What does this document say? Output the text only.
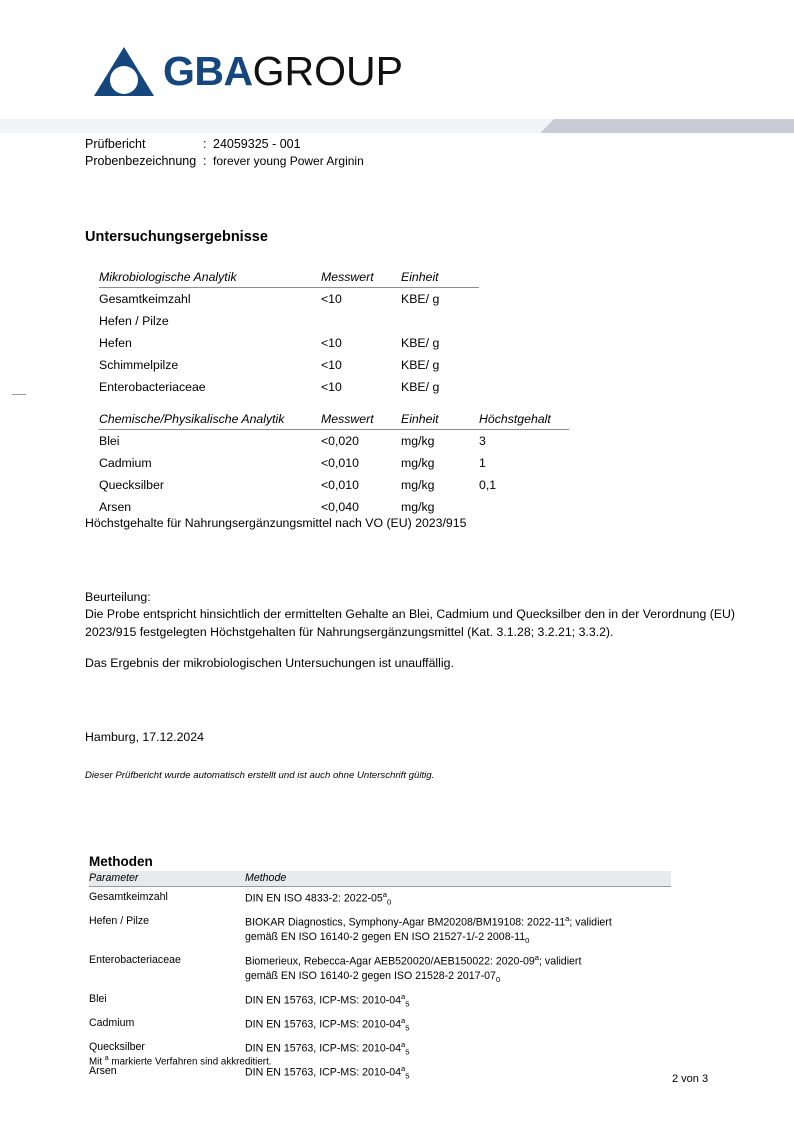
GBAGROUP
Prüfbericht	: 24059325 - 001
Probenbezeichnung : forever young Power Arginin
Untersuchungsergebnisse
Mikrobiologische Analytik	Messwert	Einheit
Gesamtkeimzahl	<10	KBE/ g
Hefen / Pilze		
Hefen	<10	KBE/ g
Schimmelpilze	<10	KBE/ g
Enterobacteriaceae	<10	KBE/ g
Chemische/Physikalische Analytik	Messwert	Einheit	Höchstgehalt
Blei	<0,020	mg/kg	3
Cadmium	<0,010	mg/kg	1
Quecksilber	<0,010	mg/kg	0,1
Arsen	<0,040	mg/kg	
Höchstgehalte für Nahrungsergänzungsmittel nach VO (EU) 2023/915

Beurteilung:

Die Probe entspricht hinsichtlich der ermittelten Gehalte an Blei, Cadmium und Quecksilber den in der Verordnung (EU) 2023/915 festgelegten Höchstgehalten für Nahrungsergänzungsmittel (Kat. 3.1.28; 3.2.21; 3.3.2).

Das Ergebnis der mikrobiologischen Untersuchungen ist unauffällig.

Hamburg, 17.12.2024
Dieser Prüfbericht wurde automatisch erstellt und ist auch ohne Unterschrift gültig.
Methoden
Parameter	Methode
Gesamtkeimzahl	DIN EN ISO 4833-2: $2022-05^a_0$
Hefen / Pilze	BIOKAR Diagnostics, Symphony-Agar BM20208/BM19108: 2022-11$^a$; validiert
gemäß EN ISO 16140-2 gegen EN ISO 21527-1/-2 $2008-11_0$
Enterobacteriaceae	Biomerieux, Rebecca-Agar AEB520020/AEB150022: 2020-09$^a$; validiert
gemäß EN ISO 16140-2 gegen ISO 21528-2 $2017-07_0$
Blei	DIN EN 15763, ICP-MS: $2010-04^a_5$
Cadmium	DIN EN 15763, ICP-MS: $2010-04^a_5$
Quecksilber	DIN EN 15763, ICP-MS: $2010-04^a_5$
Arsen	DIN EN 15763, ICP-MS: $2010-04^a_5$
Mit $^a$ markierte Verfahren sind akkreditiert.
2 von 3
